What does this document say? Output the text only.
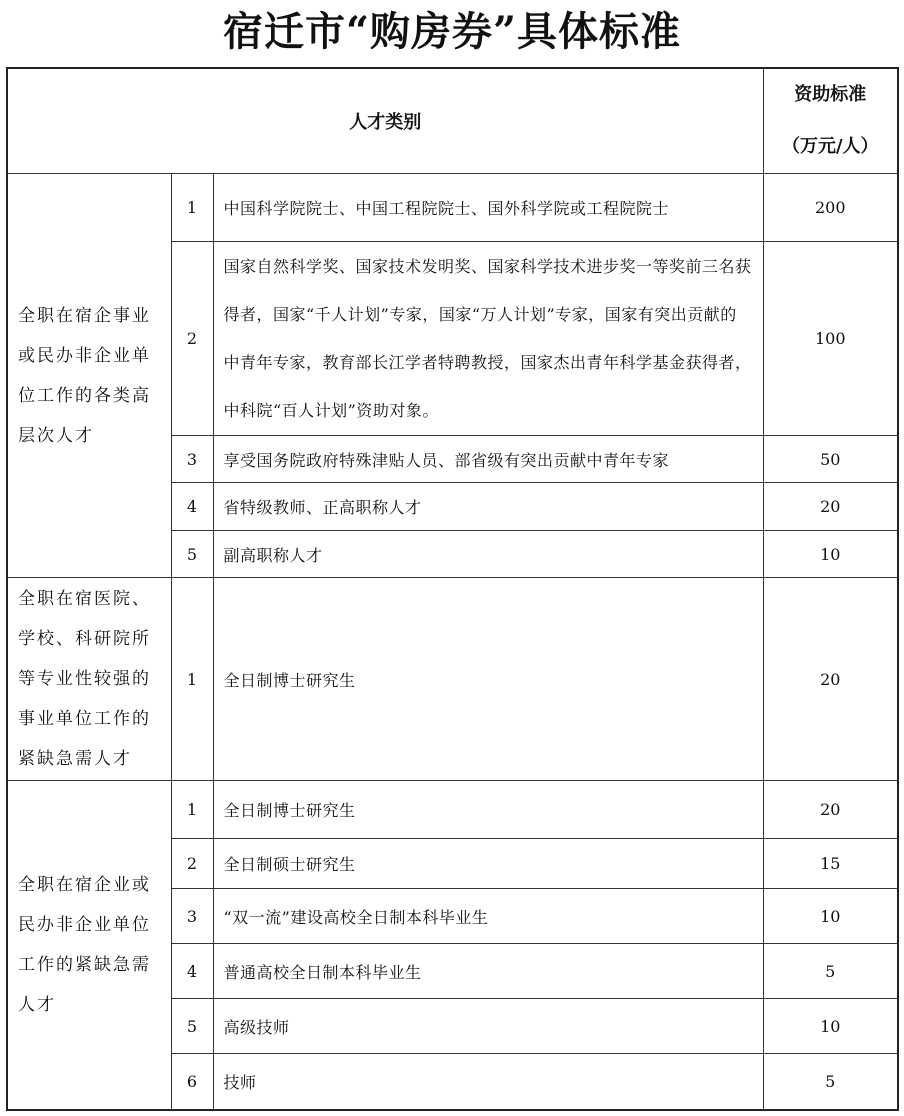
宿迁市“购房券”具体标准
人才类别			资助标准
（万元/人）
全职在宿企事业或民办非企业单位工作的各类高层次人才	1	中国科学院院士、中国工程院院士、国外科学院或工程院院士	200
	2	国家自然科学奖、国家技术发明奖、国家科学技术进步奖一等奖前三名获得者，国家“千人计划”专家，国家“万人计划”专家，国家有突出贡献的中青年专家，教育部长江学者特聘教授，国家杰出青年科学基金获得者，中科院“百人计划”资助对象。	100
	3	享受国务院政府特殊津贴人员、部省级有突出贡献中青年专家	50
	4	省特级教师、正高职称人才	20
	5	副高职称人才	10
全职在宿医院、学校、科研院所等专业性较强的事业单位工作的紧缺急需人才	1	全日制博士研究生	20
全职在宿企业或民办非企业单位工作的紧缺急需人才	1	全日制博士研究生	20
	2	全日制硕士研究生	15
	3	“双一流”建设高校全日制本科毕业生	10
	4	普通高校全日制本科毕业生	5
	5	高级技师	10
	6	技师	5
